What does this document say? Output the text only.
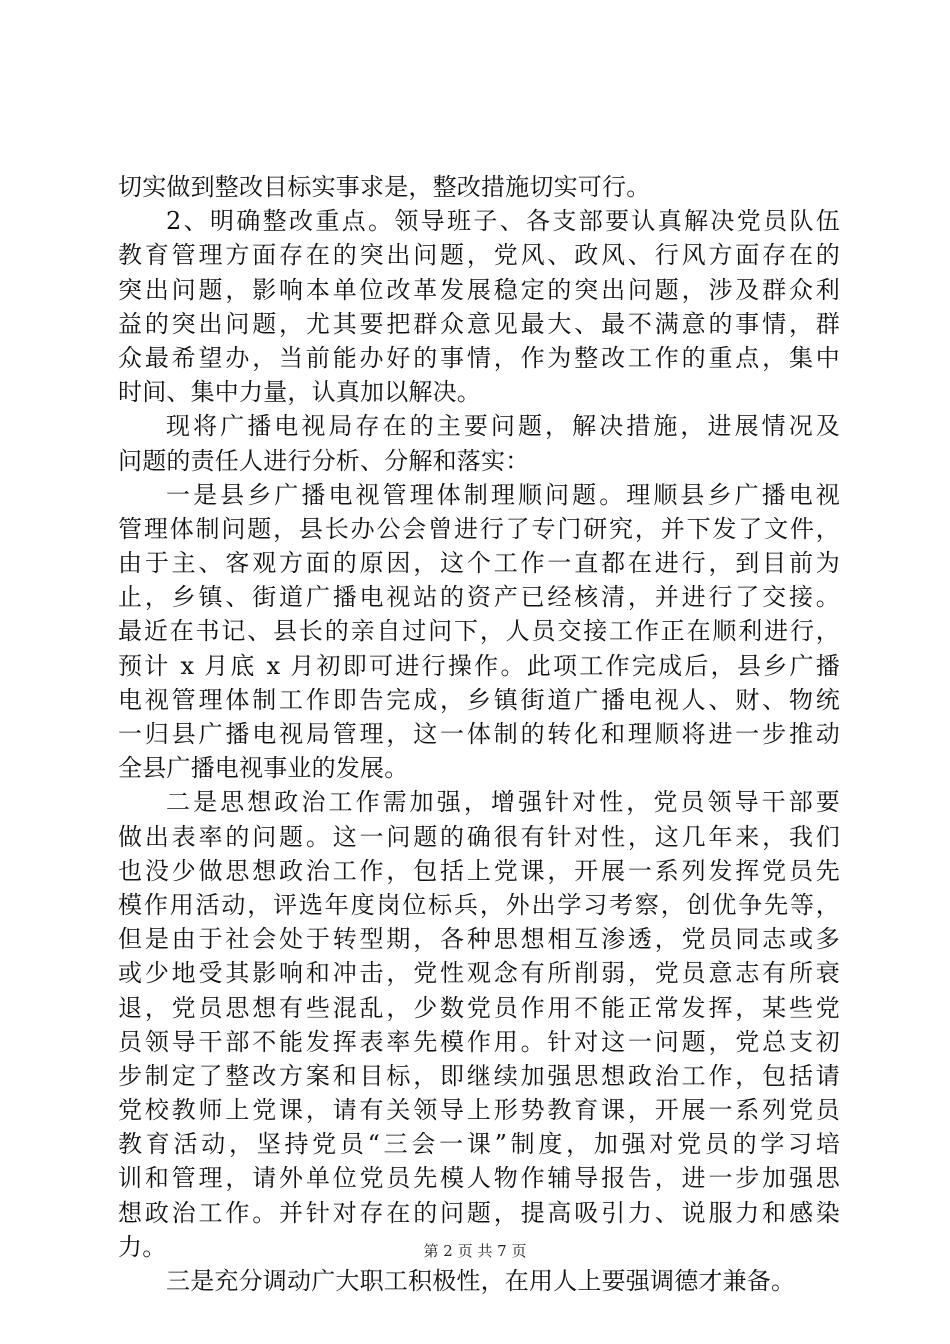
切实做到整改目标实事求是，整改措施切实可行。
2、明确整改重点。领导班子、各支部要认真解决党员队伍
教育管理方面存在的突出问题，党风、政风、行风方面存在的
突出问题，影响本单位改革发展稳定的突出问题，涉及群众利
益的突出问题，尤其要把群众意见最大、最不满意的事情，群
众最希望办，当前能办好的事情，作为整改工作的重点，集中
时间、集中力量，认真加以解决。
现将广播电视局存在的主要问题，解决措施，进展情况及
问题的责任人进行分析、分解和落实：
一是县乡广播电视管理体制理顺问题。理顺县乡广播电视
管理体制问题，县长办公会曾进行了专门研究，并下发了文件，
由于主、客观方面的原因，这个工作一直都在进行，到目前为
止，乡镇、街道广播电视站的资产已经核清，并进行了交接。
最近在书记、县长的亲自过问下，人员交接工作正在顺利进行，
预计 x 月底 x 月初即可进行操作。此项工作完成后，县乡广播
电视管理体制工作即告完成，乡镇街道广播电视人、财、物统
一归县广播电视局管理，这一体制的转化和理顺将进一步推动
全县广播电视事业的发展。
二是思想政治工作需加强，增强针对性，党员领导干部要
做出表率的问题。这一问题的确很有针对性，这几年来，我们
也没少做思想政治工作，包括上党课，开展一系列发挥党员先
模作用活动，评选年度岗位标兵，外出学习考察，创优争先等，
但是由于社会处于转型期，各种思想相互渗透，党员同志或多
或少地受其影响和冲击，党性观念有所削弱，党员意志有所衰
退，党员思想有些混乱，少数党员作用不能正常发挥，某些党
员领导干部不能发挥表率先模作用。针对这一问题，党总支初
步制定了整改方案和目标，即继续加强思想政治工作，包括请
党校教师上党课，请有关领导上形势教育课，开展一系列党员
教育活动，坚持党员“三会一课”制度，加强对党员的学习培
训和管理，请外单位党员先模人物作辅导报告，进一步加强思
想政治工作。并针对存在的问题，提高吸引力、说服力和感染
力。
三是充分调动广大职工积极性，在用人上要强调德才兼备。
第 2 页 共 7 页
